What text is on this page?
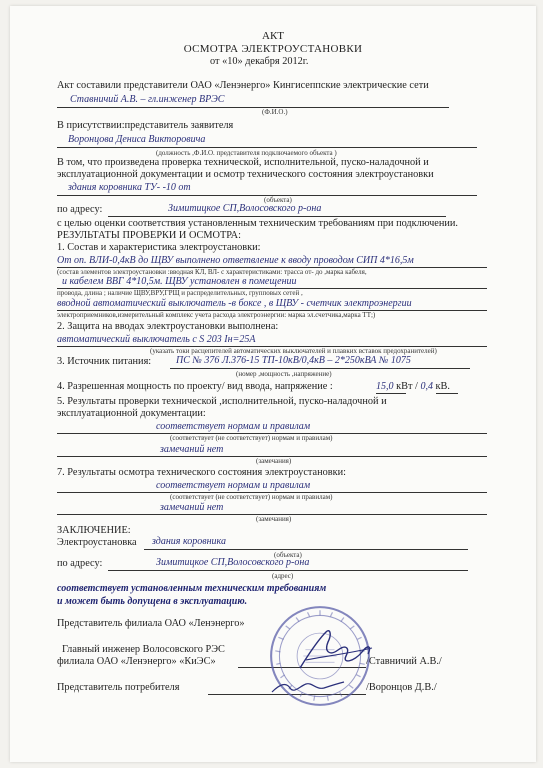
АКТ
ОСМОТРА ЭЛЕКТРОУСТАНОВКИ
от «10» декабря 2012г.
Акт составили представители ОАО «Ленэнерго» Кингисеппские электрические сети
Ставничий А.В. – гл.инженер ВРЭС
(Ф.И.О.)
В присутствии:представитель заявителя
Воронцова Дениса Викторовича
(должность ,Ф.И.О. представителя подключаемого объекта )
В том, что произведена проверка технической, исполнительной, пуско-наладочной и
эксплуатационной документации и осмотр технического состояния электроустановки
здания коровника ТУ- -10 от
(объекта)
по адресу:	Зимитицкое СП,Волосовского р-она
с целью оценки соответствия установленным техническим требованиям при подключении.
РЕЗУЛЬТАТЫ ПРОВЕРКИ И ОСМОТРА:
1. Состав и характеристика электроустановки:
От оп. ВЛИ-0,4кВ до ЩВУ выполнено ответвление к вводу проводом СИП 4*16,5м
(состав элементов электроустановки :вводная КЛ, ВЛ- с характеристиками: трасса от- до ,марка кабеля,
и кабелем ВВГ 4*10,5м. ЩВУ установлен в помещении
провода, длина ; наличие ЩВУ,ВРУ,ГРЩ и распределительных, групповых сетей ,
вводной автоматический выключатель -в боксе , в ЩВУ - счетчик электроэнергии
электроприемников,измерительный комплекс учета расхода электроэнергии: марка эл.счетчика,марка ТТ;)
2. Защита на вводах электроустановки выполнена:
автоматический выключатель с S 203 Iн=25А
(указать токи расцепителей автоматических выключателей и плавких вставок предохранителей)
3. Источник питания: ПС № 376 Л.376-15 ТП-10кВ/0,4кВ – 2*250кВА № 1075
(номер ,мощность ,напряжение)
4. Разрешенная мощность по проекту/ вид ввода, напряжение :	15,0 кВт / 0,4 кВ.
5. Результаты проверки технической ,исполнительной, пуско-наладочной и
эксплуатационной документации:
соответствует нормам и правилам
(соответствует (не соответствует) нормам и правилам)
замечаний нет
(замечания)
7. Результаты осмотра технического состояния электроустановки:
соответствует нормам и правилам
(соответствует (не соответствует) нормам и правилам)
замечаний нет
(замечания)
ЗАКЛЮЧЕНИЕ:
Электроустановка здания коровника
(объекта)
по адресу:	Зимитицкое СП,Волосовского р-она
(адрес)
соответствует установленным техническим требованиям
и может быть допущена в эксплуатацию.
Представитель филиала ОАО «Ленэнерго»
Главный инженер Волосовского РЭС
филиала ОАО «Ленэнерго» «КиЭС»	/Ставничий А.В./
Представитель потребителя	/Воронцов Д.В./
